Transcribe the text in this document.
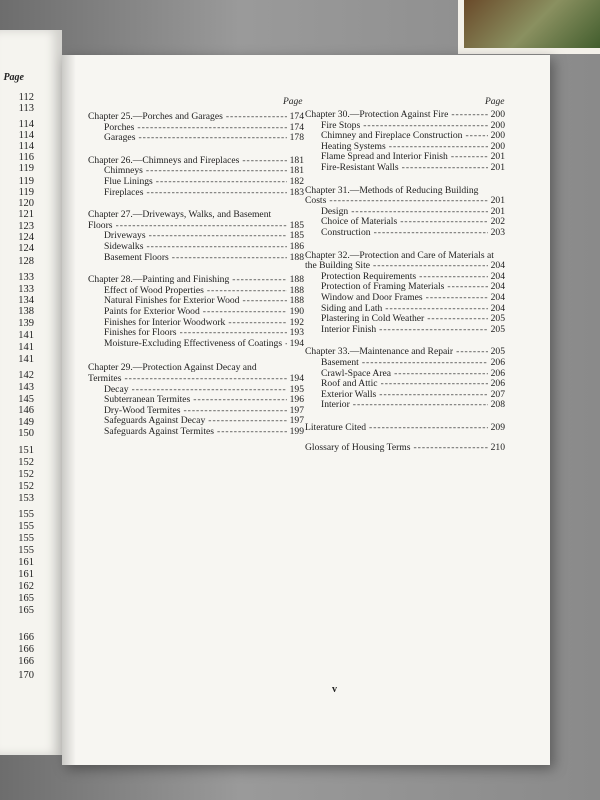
Page
112
113
114
114
114
116
119
119
119
120
121
123
124
124
128
133
133
134
138
139
141
141
141
142
143
145
146
149
150
151
152
152
152
153
155
155
155
155
161
161
162
165
165
166
166
166
170
Page
Chapter 25.—Porches and Garages -----	174
Porches -----	174
Garages -----	178
Chapter 26.—Chimneys and Fireplaces -----	181
Chimneys -----	181
Flue Linings -----	182
Fireplaces -----	183
Chapter 27.—Driveways, Walks, and Basement
Floors -----	185
Driveways -----	185
Sidewalks -----	186
Basement Floors -----	188
Chapter 28.—Painting and Finishing -----	188
Effect of Wood Properties -----	188
Natural Finishes for Exterior Wood -----	188
Paints for Exterior Wood -----	190
Finishes for Interior Woodwork -----	192
Finishes for Floors -----	193
Moisture-Excluding Effectiveness of Coatings ----- 194
Chapter 29.—Protection Against Decay and
Termites -----	194
Decay -----	195
Subterranean Termites -----	196
Dry-Wood Termites -----	197
Safeguards Against Decay -----	197
Safeguards Against Termites -----	199
Page
Chapter 30.—Protection Against Fire -----	200
Fire Stops -----	200
Chimney and Fireplace Construction -----	200
Heating Systems -----	200
Flame Spread and Interior Finish -----	201
Fire-Resistant Walls -----	201
Chapter 31.—Methods of Reducing Building
Costs -----	201
Design -----	201
Choice of Materials -----	202
Construction -----	203
Chapter 32.—Protection and Care of Materials at
the Building Site -----	204
Protection Requirements -----	204
Protection of Framing Materials -----	204
Window and Door Frames -----	204
Siding and Lath -----	204
Plastering in Cold Weather -----	205
Interior Finish -----	205
Chapter 33.—Maintenance and Repair -----	205
Basement -----	206
Crawl-Space Area -----	206
Roof and Attic -----	206
Exterior Walls -----	207
Interior -----	208
Literature Cited -----	209
Glossary of Housing Terms -----	210
v
